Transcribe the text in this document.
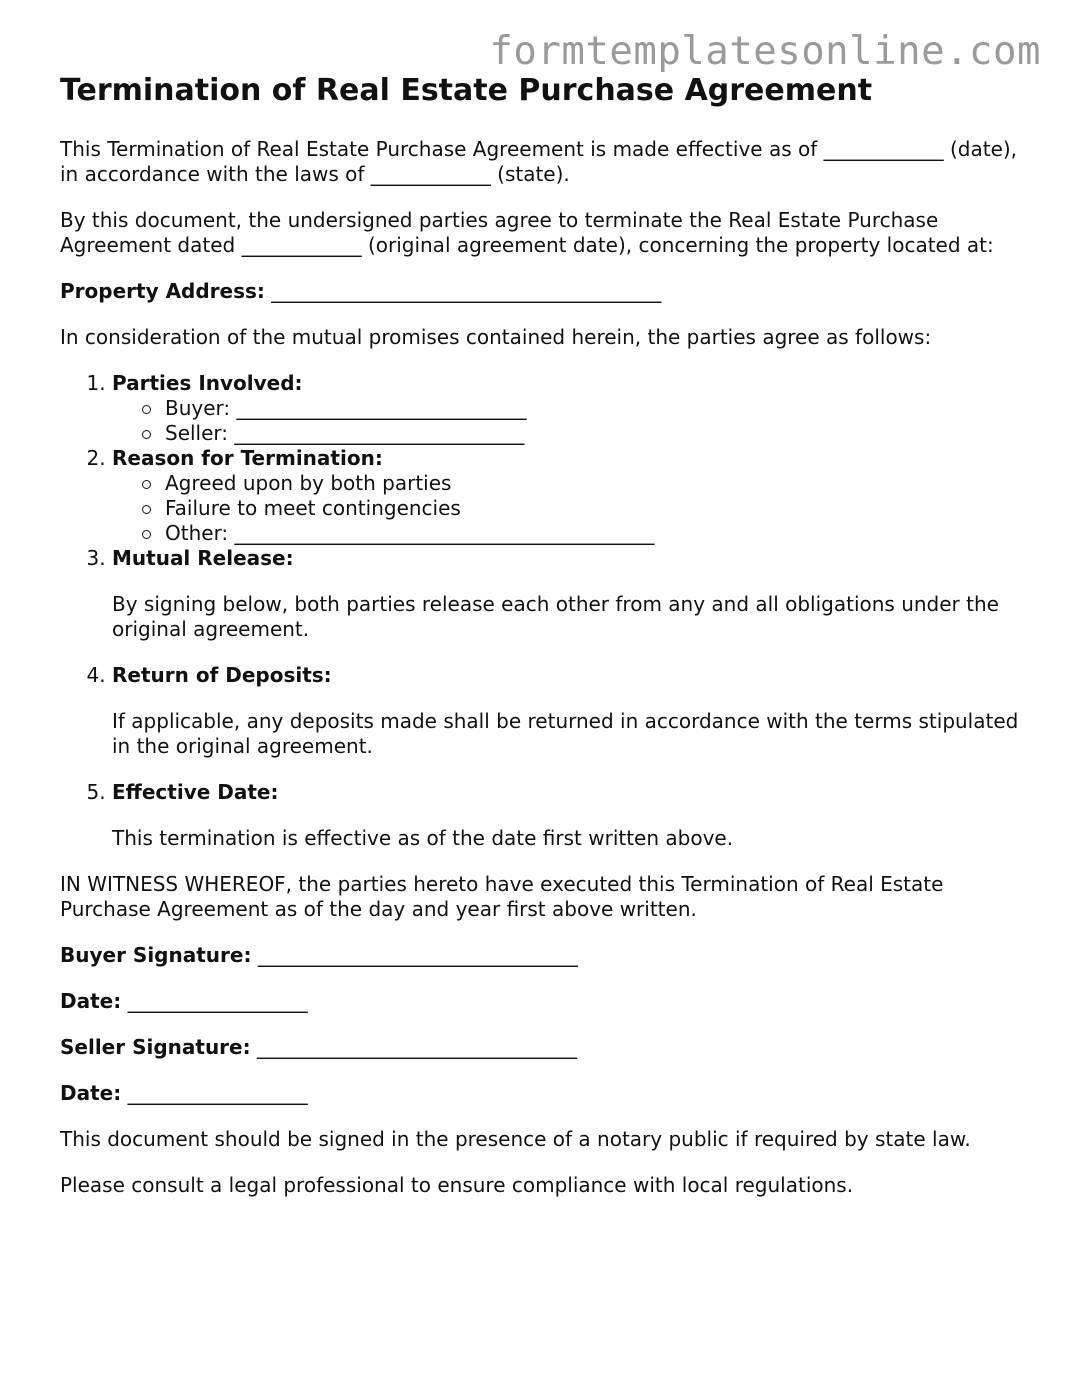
formtemplatesonline.com
Termination of Real Estate Purchase Agreement

This Termination of Real Estate Purchase Agreement is made effective as of ____________ (date), in accordance with the laws of ____________ (state).

By this document, the undersigned parties agree to terminate the Real Estate Purchase Agreement dated ____________ (original agreement date), concerning the property located at:

Property Address: _______________________________________

In consideration of the mutual promises contained herein, the parties agree as follows:

1. Parties Involved:
Buyer: _____________________________
Seller: _____________________________
2. Reason for Termination:
Agreed upon by both parties
Failure to meet contingencies
Other: __________________________________________
3. Mutual Release:
By signing below, both parties release each other from any and all obligations under the original agreement.
4. Return of Deposits:
If applicable, any deposits made shall be returned in accordance with the terms stipulated in the original agreement.
5. Effective Date:
This termination is effective as of the date first written above.

IN WITNESS WHEREOF, the parties hereto have executed this Termination of Real Estate Purchase Agreement as of the day and year first above written.

Buyer Signature: ________________________________

Date: __________________

Seller Signature: ________________________________

Date: __________________

This document should be signed in the presence of a notary public if required by state law.

Please consult a legal professional to ensure compliance with local regulations.
